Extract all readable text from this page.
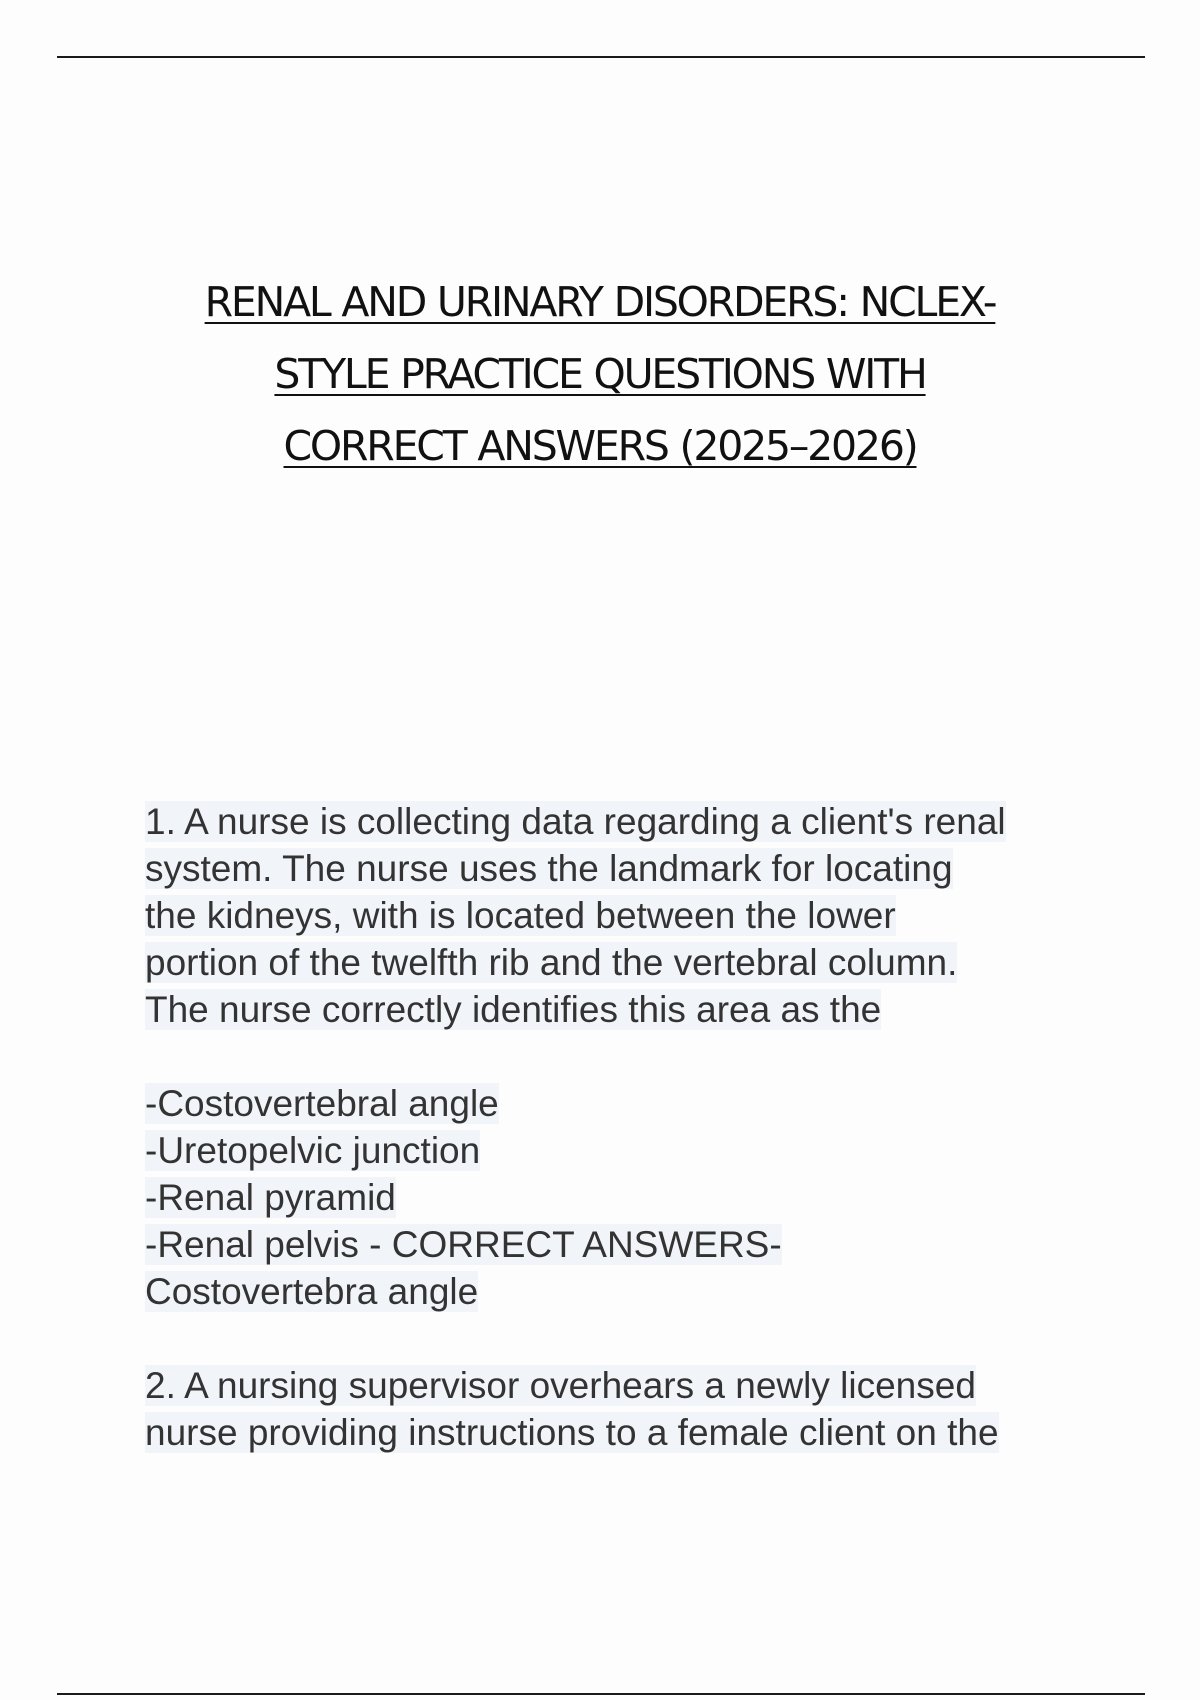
RENAL AND URINARY DISORDERS: NCLEX-
STYLE PRACTICE QUESTIONS WITH
CORRECT ANSWERS (2025–2026)
1. A nurse is collecting data regarding a client's renal
system. The nurse uses the landmark for locating
the kidneys, with is located between the lower
portion of the twelfth rib and the vertebral column.
The nurse correctly identifies this area as the
-Costovertebral angle
-Uretopelvic junction
-Renal pyramid
-Renal pelvis - CORRECT ANSWERS-
Costovertebra angle
2. A nursing supervisor overhears a newly licensed
nurse providing instructions to a female client on the
